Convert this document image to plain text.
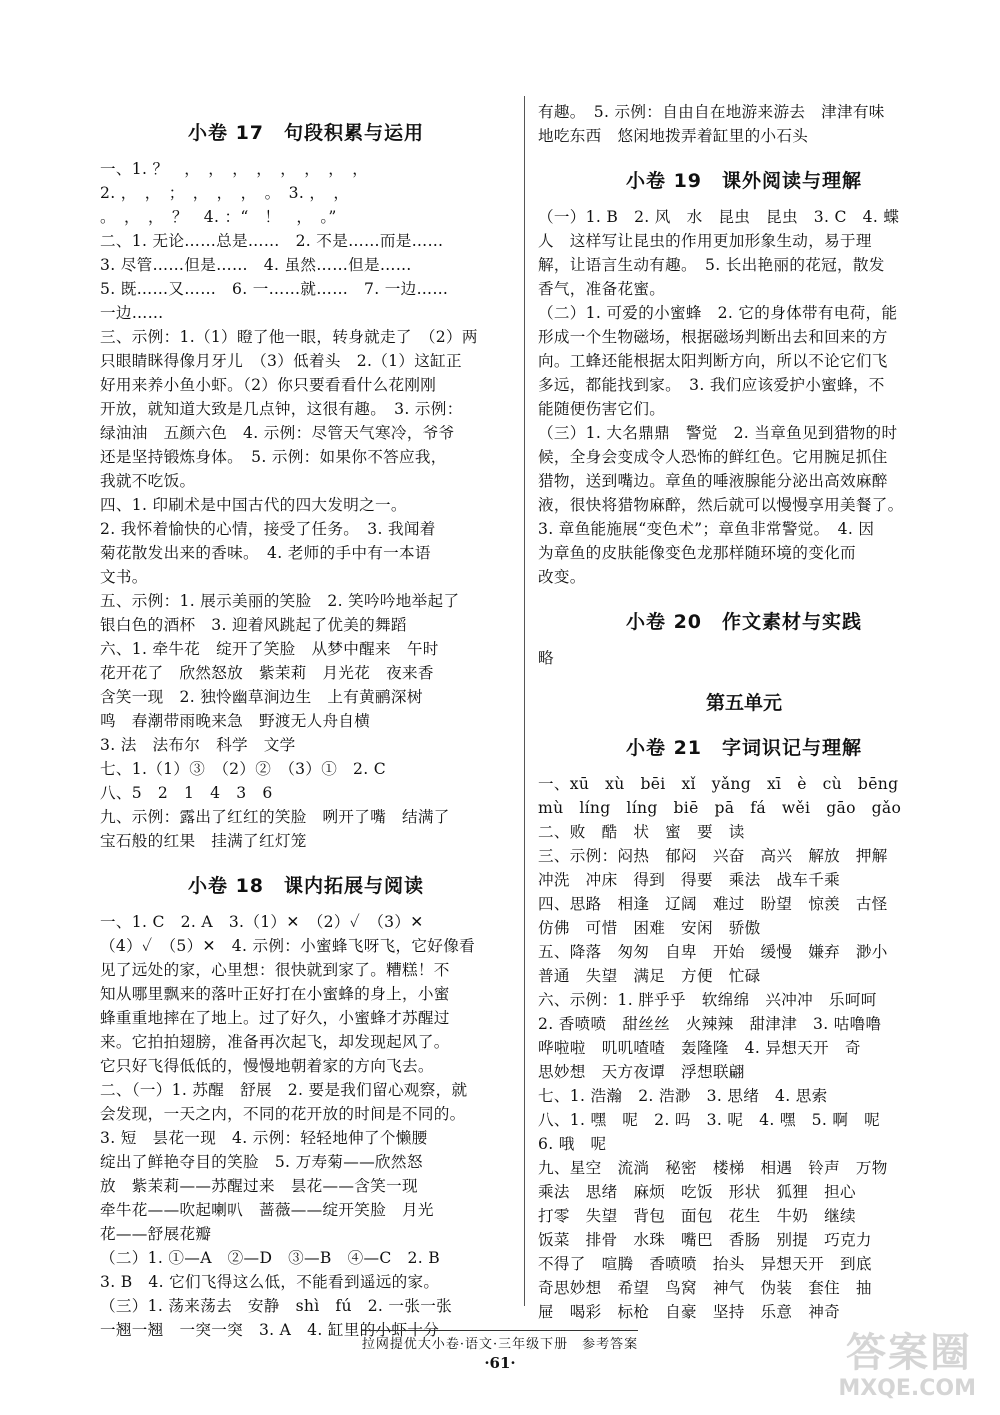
小卷 17　句段积累与运用
一、1. ？　，　，　，　，　，　，　，　，
2. ，　，　；　，　，　，　。　3. ，　，
。　，　，　？　4. ：“　！　，　。”
二、1. 无论……总是……　2. 不是……而是……
3. 尽管……但是……　4. 虽然……但是……
5. 既……又……　6. 一……就……　7. 一边……
一边……
三、示例：1.（1）瞪了他一眼，转身就走了　（2）两
只眼睛眯得像月牙儿　（3）低着头　2.（1）这缸正
好用来养小鱼小虾。（2）你只要看看什么花刚刚
开放，就知道大致是几点钟，这很有趣。　3. 示例：
绿油油　五颜六色　4. 示例：尽管天气寒冷，爷爷
还是坚持锻炼身体。　5. 示例：如果你不答应我，
我就不吃饭。
四、1. 印刷术是中国古代的四大发明之一。
2. 我怀着愉快的心情，接受了任务。　3. 我闻着
菊花散发出来的香味。　4. 老师的手中有一本语
文书。
五、示例：1. 展示美丽的笑脸　2. 笑吟吟地举起了
银白色的酒杯　3. 迎着风跳起了优美的舞蹈
六、1. 牵牛花　绽开了笑脸　从梦中醒来　午时
花开花了　欣然怒放　紫茉莉　月光花　夜来香
含笑一现　2. 独怜幽草涧边生　上有黄鹂深树
鸣　春潮带雨晚来急　野渡无人舟自横
3. 法　法布尔　科学　文学
七、1.（1）③　（2）②　（3）①　2. C
八、5　2　1　4　3　6
九、示例：露出了红红的笑脸　咧开了嘴　结满了
宝石般的红果　挂满了红灯笼
小卷 18　课内拓展与阅读
一、1. C　2. A　3.（1）✕　（2）✓　（3）✕
（4）✓　（5）✕　4. 示例：小蜜蜂飞呀飞，它好像看
见了远处的家，心里想：很快就到家了。糟糕！不
知从哪里飘来的落叶正好打在小蜜蜂的身上，小蜜
蜂重重地摔在了地上。过了好久，小蜜蜂才苏醒过
来。它拍拍翅膀，准备再次起飞，却发现起风了。
它只好飞得低低的，慢慢地朝着家的方向飞去。
二、（一）1. 苏醒　舒展　2. 要是我们留心观察，就
会发现，一天之内，不同的花开放的时间是不同的。
3. 短　昙花一现　4. 示例：轻轻地伸了个懒腰
绽出了鲜艳夺目的笑脸　5. 万寿菊——欣然怒
放　紫茉莉——苏醒过来　昙花——含笑一现
牵牛花——吹起喇叭　蔷薇——绽开笑脸　月光
花——舒展花瓣
（二）1. ①—A　②—D　③—B　④—C　2. B
3. B　4. 它们飞得这么低，不能看到遥远的家。
（三）1. 荡来荡去　安静　shì　fú　2. 一张一张
一翘一翘　一突一突　3. A　4. 缸里的小虾十分
有趣。　5. 示例：自由自在地游来游去　津津有味
地吃东西　悠闲地拨弄着缸里的小石头
小卷 19　课外阅读与理解
（一）1. B　2. 风　水　昆虫　昆虫　3. C　4. 蝶
人　这样写让昆虫的作用更加形象生动，易于理
解，让语言生动有趣。　5. 长出艳丽的花冠，散发
香气，准备花蜜。
（二）1. 可爱的小蜜蜂　2. 它的身体带有电荷，能
形成一个生物磁场，根据磁场判断出去和回来的方
向。工蜂还能根据太阳判断方向，所以不论它们飞
多远，都能找到家。　3. 我们应该爱护小蜜蜂，不
能随便伤害它们。
（三）1. 大名鼎鼎　警觉　2. 当章鱼见到猎物的时
候，全身会变成令人恐怖的鲜红色。它用腕足抓住
猎物，送到嘴边。章鱼的唾液腺能分泌出高效麻醉
液，很快将猎物麻醉，然后就可以慢慢享用美餐了。
3. 章鱼能施展“变色术”；章鱼非常警觉。　4. 因
为章鱼的皮肤能像变色龙那样随环境的变化而
改变。
小卷 20　作文素材与实践
略
第五单元
小卷 21　字词识记与理解
一、xū　xù　bēi　xǐ　yǎng　xī　è　cù　bēng
mù　líng　líng　biē　pā　fá　wěi　gāo　gǎo
二、败　酷　状　蜜　要　读
三、示例：闷热　郁闷　兴奋　高兴　解放　押解
冲洗　冲床　得到　得要　乘法　战车千乘
四、思路　相逢　辽阔　难过　盼望　惊羡　古怪
仿佛　可惜　困难　安闲　骄傲
五、降落　匆匆　自卑　开始　缓慢　嫌弃　渺小
普通　失望　满足　方便　忙碌
六、示例：1. 胖乎乎　软绵绵　兴冲冲　乐呵呵
2. 香喷喷　甜丝丝　火辣辣　甜津津　3. 咕噜噜
哗啦啦　叽叽喳喳　轰隆隆　4. 异想天开　奇
思妙想　天方夜谭　浮想联翩
七、1. 浩瀚　2. 浩渺　3. 思绪　4. 思索
八、1. 嘿　呢　2. 吗　3. 呢　4. 嘿　5. 啊　呢
6. 哦　呢
九、星空　流淌　秘密　楼梯　相遇　铃声　万物
乘法　思绪　麻烦　吃饭　形状　狐狸　担心
打零　失望　背包　面包　花生　牛奶　继续
饭菜　排骨　水珠　嘴巴　香肠　别提　巧克力
不得了　喧腾　香喷喷　抬头　异想天开　到底
奇思妙想　希望　鸟窝　神气　伪装　套住　抽
屉　喝彩　标枪　自豪　坚持　乐意　神奇
拉网提优大小卷·语文·三年级下册　参考答案
·61·	答案圈
MXQE.COM
